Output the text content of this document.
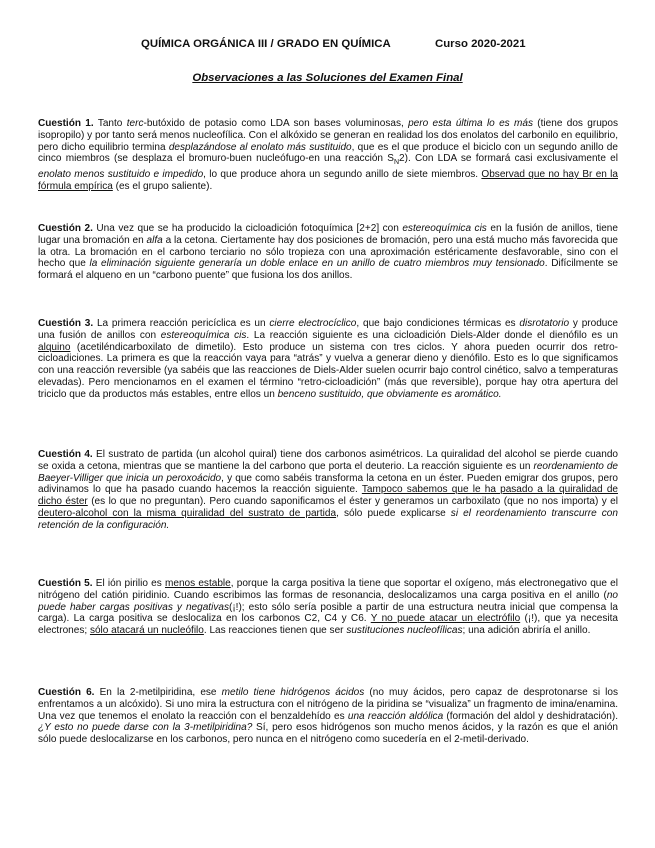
QUÍMICA ORGÁNICA III / GRADO EN QUÍMICA	Curso 2020-2021
Observaciones a las Soluciones del Examen Final
Cuestión 1. Tanto terc-butóxido de potasio como LDA son bases voluminosas, pero esta última lo es más (tiene dos grupos isopropilo) y por tanto será menos nucleofílica. Con el alkóxido se generan en realidad los dos enolatos del carbonilo en equilibrio, pero dicho equilibrio termina desplazándose al enolato más sustituido, que es el que produce el biciclo con un segundo anillo de cinco miembros (se desplaza el bromuro-buen nucleófugo-en una reacción $S_N2$). Con LDA se formará casi exclusivamente el enolato menos sustituido e impedido, lo que produce ahora un segundo anillo de siete miembros. Observad que no hay Br en la fórmula empírica (es el grupo saliente).
Cuestión 2. Una vez que se ha producido la cicloadición fotoquímica [2+2] con estereoquímica cis en la fusión de anillos, tiene lugar una bromación en alfa a la cetona. Ciertamente hay dos posiciones de bromación, pero una está mucho más favorecida que la otra. La bromación en el carbono terciario no sólo tropieza con una aproximación estéricamente desfavorable, sino con el hecho que la eliminación siguiente generaría un doble enlace en un anillo de cuatro miembros muy tensionado. Difícilmente se formará el alqueno en un “carbono puente” que fusiona los dos anillos.
Cuestión 3. La primera reacción pericíclica es un cierre electrocíclico, que bajo condiciones térmicas es disrotatorio y produce una fusión de anillos con estereoquímica cis. La reacción siguiente es una cicloadición Diels-Alder donde el dienófilo es un alquino (acetiléndicarboxilato de dimetilo). Esto produce un sistema con tres ciclos. Y ahora pueden ocurrir dos retro-cicloadiciones. La primera es que la reacción vaya para “atrás” y vuelva a generar dieno y dienófilo. Esto es lo que significamos con una reacción reversible (ya sabéis que las reacciones de Diels-Alder suelen ocurrir bajo control cinético, salvo a temperaturas elevadas). Pero mencionamos en el examen el término “retro-cicloadición” (más que reversible), porque hay otra apertura del triciclo que da productos más estables, entre ellos un benceno sustituido, que obviamente es aromático.
Cuestión 4. El sustrato de partida (un alcohol quiral) tiene dos carbonos asimétricos. La quiralidad del alcohol se pierde cuando se oxida a cetona, mientras que se mantiene la del carbono que porta el deuterio. La reacción siguiente es un reordenamiento de Baeyer-Villiger que inicia un peroxoácido, y que como sabéis transforma la cetona en un éster. Pueden emigrar dos grupos, pero adivinamos lo que ha pasado cuando hacemos la reacción siguiente. Tampoco sabemos que le ha pasado a la quiralidad de dicho éster (es lo que no preguntan). Pero cuando saponificamos el éster y generamos un carboxilato (que no nos importa) y el deutero-alcohol con la misma quiralidad del sustrato de partida, sólo puede explicarse si el reordenamiento transcurre con retención de la configuración.
Cuestión 5. El ión pirilio es menos estable, porque la carga positiva la tiene que soportar el oxígeno, más electronegativo que el nitrógeno del catión piridinio. Cuando escribimos las formas de resonancia, deslocalizamos una carga positiva en el anillo (no puede haber cargas positivas y negativas(¡!); esto sólo sería posible a partir de una estructura neutra inicial que compensa la carga). La carga positiva se deslocaliza en los carbonos C2, C4 y C6. Y no puede atacar un electrófilo (¡!), que ya necesita electrones; sólo atacará un nucleófilo. Las reacciones tienen que ser sustituciones nucleofílicas; una adición abriría el anillo.
Cuestión 6. En la 2-metilpiridina, ese metilo tiene hidrógenos ácidos (no muy ácidos, pero capaz de desprotonarse si los enfrentamos a un alcóxido). Si uno mira la estructura con el nitrógeno de la piridina se “visualiza” un fragmento de imina/enamina. Una vez que tenemos el enolato la reacción con el benzaldehído es una reacción aldólica (formación del aldol y deshidratación). ¿Y esto no puede darse con la 3-metilpiridina? Sí, pero esos hidrógenos son mucho menos ácidos, y la razón es que el anión sólo puede deslocalizarse en los carbonos, pero nunca en el nitrógeno como sucedería en el 2-metil-derivado.
